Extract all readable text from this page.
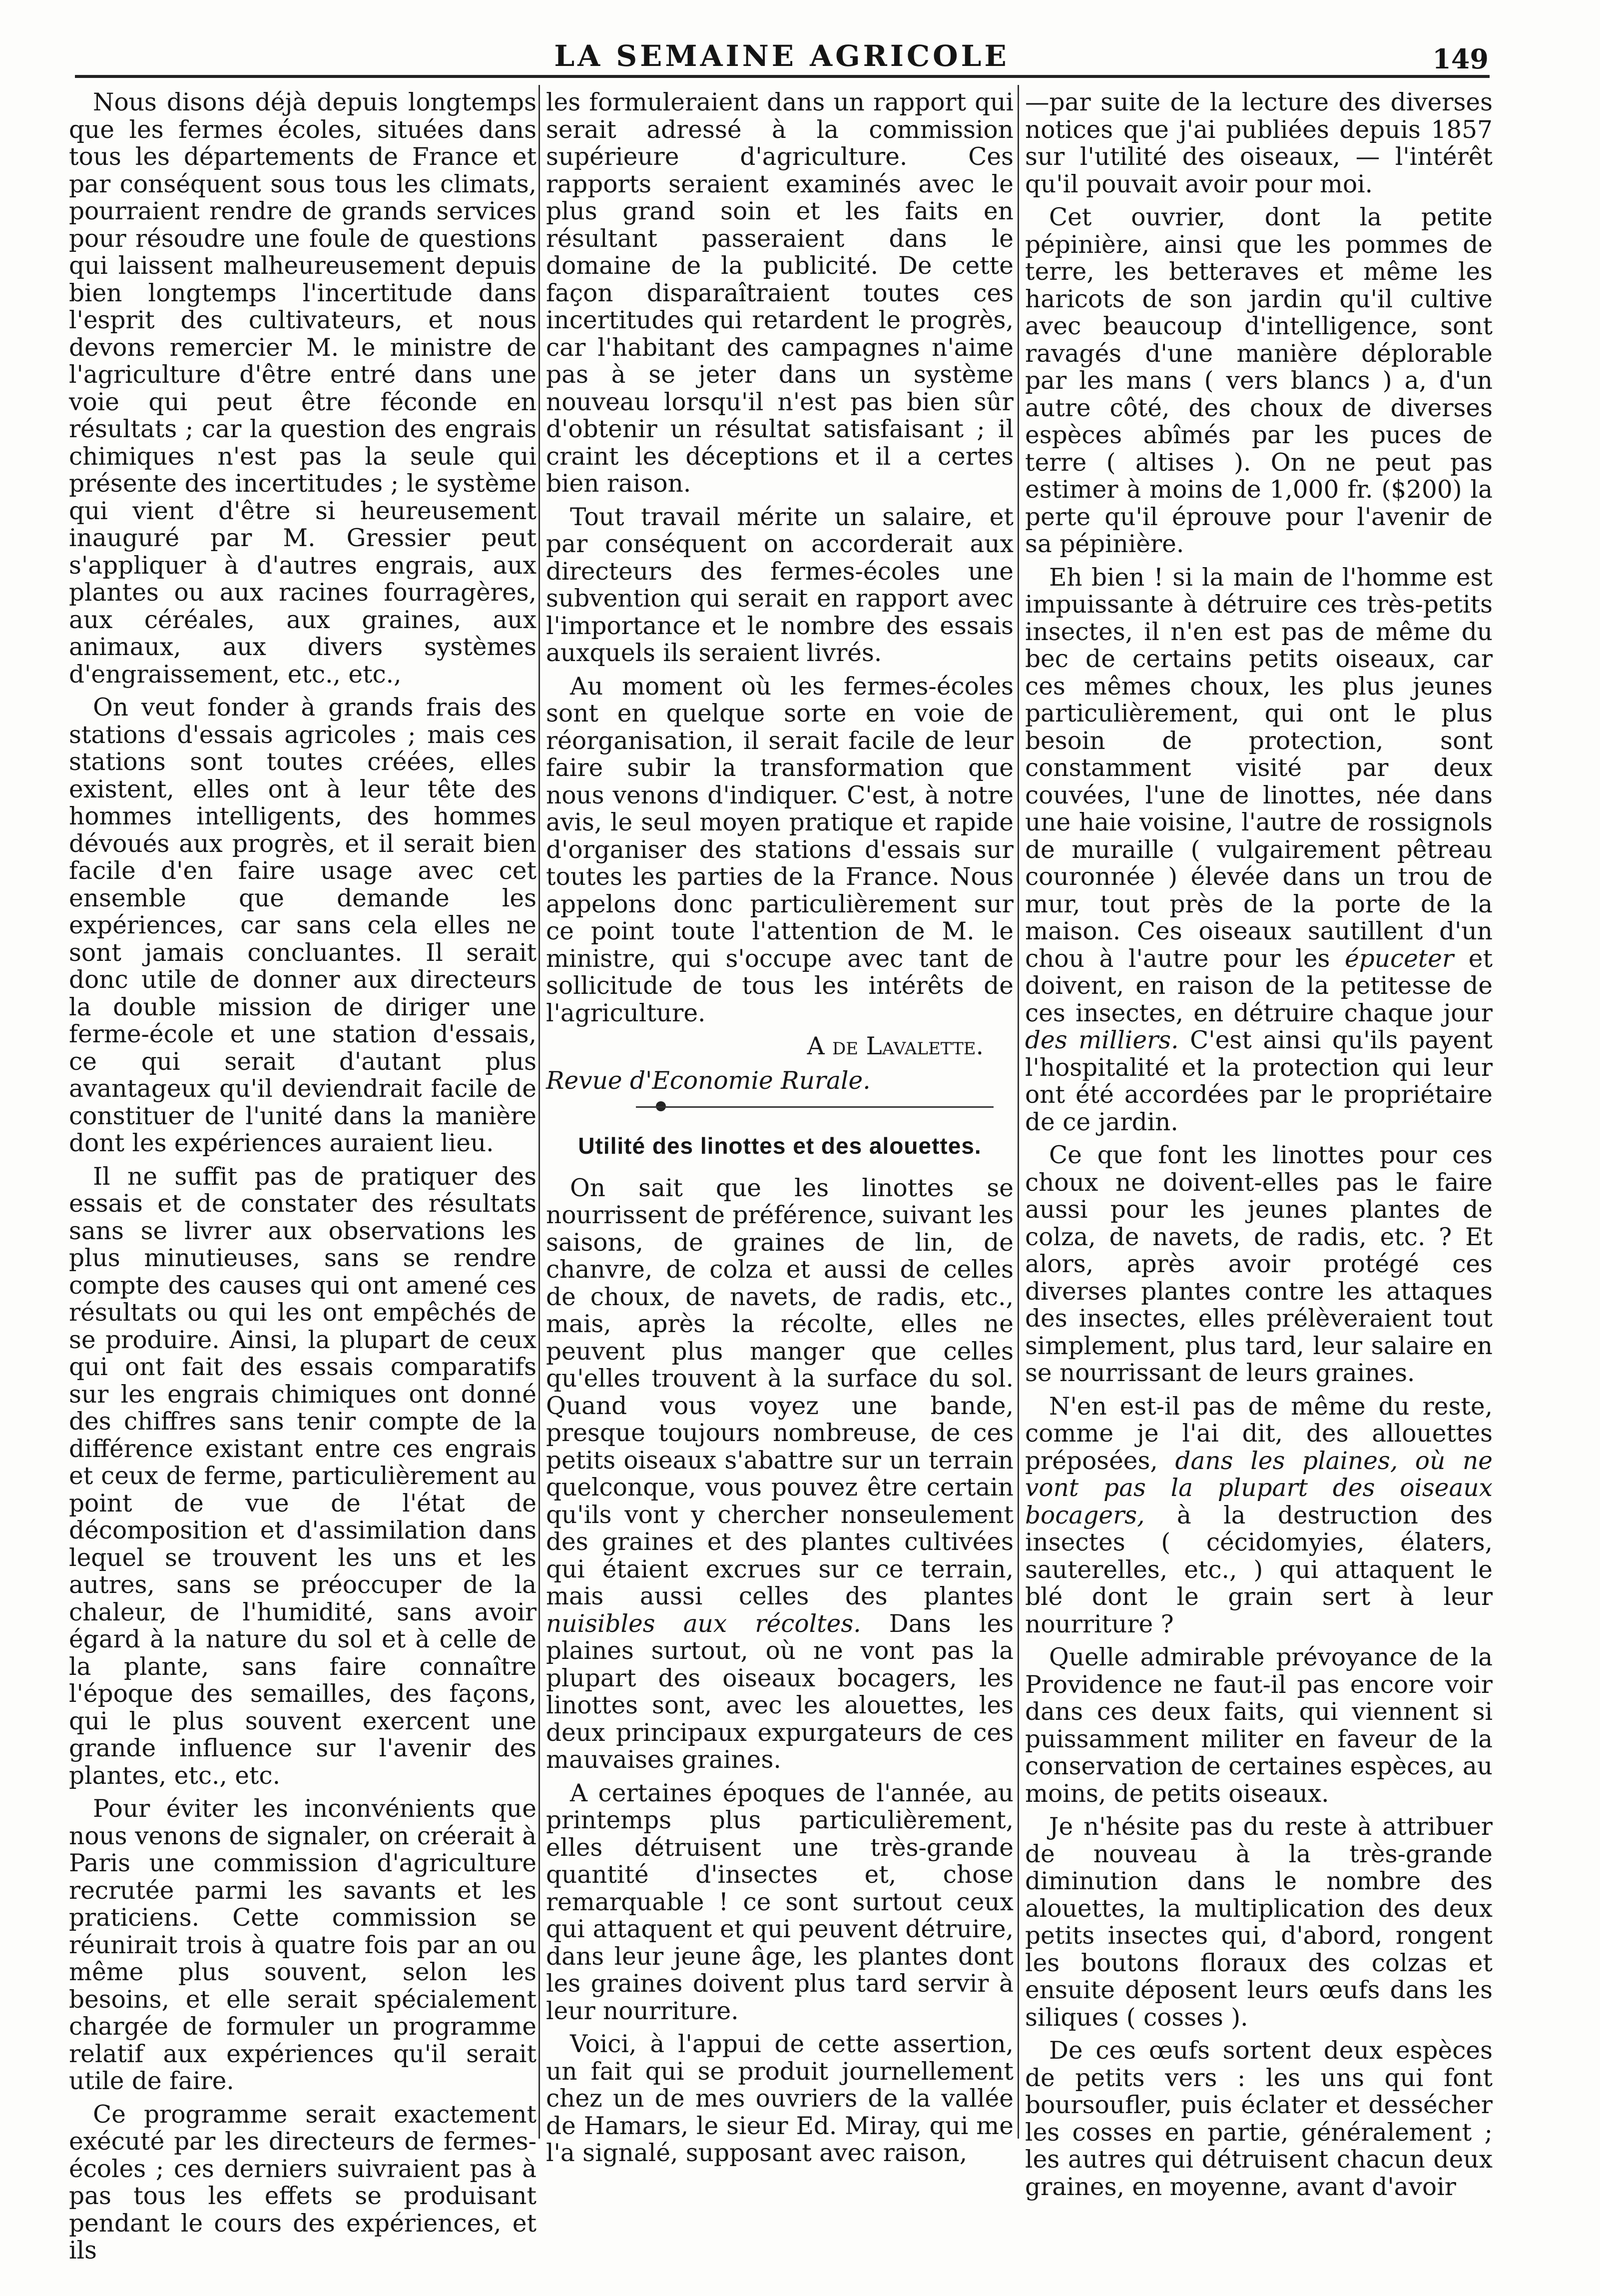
LA SEMAINE AGRICOLE	149

Nous disons déjà depuis longtemps que les fermes écoles, situées dans tous les départements de France et par conséquent sous tous les climats, pourraient rendre de grands services pour résoudre une foule de questions qui laissent malheureusement depuis bien longtemps l'incertitude dans l'esprit des cultivateurs, et nous devons remercier M. le ministre de l'agriculture d'être entré dans une voie qui peut être féconde en résultats ; car la question des engrais chimiques n'est pas la seule qui présente des incertitudes ; le système qui vient d'être si heureusement inauguré par M. Gressier peut s'appliquer à d'autres engrais, aux plantes ou aux racines fourragères, aux céréales, aux graines, aux animaux, aux divers systèmes d'engraissement, etc., etc.,

On veut fonder à grands frais des stations d'essais agricoles ; mais ces stations sont toutes créées, elles existent, elles ont à leur tête des hommes intelligents, des hommes dévoués aux progrès, et il serait bien facile d'en faire usage avec cet ensemble que demande les expériences, car sans cela elles ne sont jamais concluantes. Il serait donc utile de donner aux directeurs la double mission de diriger une ferme-école et une station d'essais, ce qui serait d'autant plus avantageux qu'il deviendrait facile de constituer de l'unité dans la manière dont les expériences auraient lieu.

Il ne suffit pas de pratiquer des essais et de constater des résultats sans se livrer aux observations les plus minutieuses, sans se rendre compte des causes qui ont amené ces résultats ou qui les ont empêchés de se produire. Ainsi, la plupart de ceux qui ont fait des essais comparatifs sur les engrais chimiques ont donné des chiffres sans tenir compte de la différence existant entre ces engrais et ceux de ferme, particulièrement au point de vue de l'état de décomposition et d'assimilation dans lequel se trouvent les uns et les autres, sans se préoccuper de la chaleur, de l'humidité, sans avoir égard à la nature du sol et à celle de la plante, sans faire connaître l'époque des semailles, des façons, qui le plus souvent exercent une grande influence sur l'avenir des plantes, etc., etc.

Pour éviter les inconvénients que nous venons de signaler, on créerait à Paris une commission d'agriculture recrutée parmi les savants et les praticiens. Cette commission se réunirait trois à quatre fois par an ou même plus souvent, selon les besoins, et elle serait spécialement chargée de formuler un programme relatif aux expériences qu'il serait utile de faire.

Ce programme serait exactement exécuté par les directeurs de fermes-écoles ; ces derniers suivraient pas à pas tous les effets se produisant pendant le cours des expériences, et ils

les formuleraient dans un rapport qui serait adressé à la commission supérieure d'agriculture. Ces rapports seraient examinés avec le plus grand soin et les faits en résultant passeraient dans le domaine de la publicité. De cette façon disparaîtraient toutes ces incertitudes qui retardent le progrès, car l'habitant des campagnes n'aime pas à se jeter dans un système nouveau lorsqu'il n'est pas bien sûr d'obtenir un résultat satisfaisant ; il craint les déceptions et il a certes bien raison.

Tout travail mérite un salaire, et par conséquent on accorderait aux directeurs des fermes-écoles une subvention qui serait en rapport avec l'importance et le nombre des essais auxquels ils seraient livrés.

Au moment où les fermes-écoles sont en quelque sorte en voie de réorganisation, il serait facile de leur faire subir la transformation que nous venons d'indiquer. C'est, à notre avis, le seul moyen pratique et rapide d'organiser des stations d'essais sur toutes les parties de la France. Nous appelons donc particulièrement sur ce point toute l'attention de M. le ministre, qui s'occupe avec tant de sollicitude de tous les intérêts de l'agriculture.

A de Lavalette.
Revue d'Economie Rurale.
Utilité des linottes et des alouettes.

On sait que les linottes se nourrissent de préférence, suivant les saisons, de graines de lin, de chanvre, de colza et aussi de celles de choux, de navets, de radis, etc., mais, après la récolte, elles ne peuvent plus manger que celles qu'elles trouvent à la surface du sol. Quand vous voyez une bande, presque toujours nombreuse, de ces petits oiseaux s'abattre sur un terrain quelconque, vous pouvez être certain qu'ils vont y chercher nonseulement des graines et des plantes cultivées qui étaient excrues sur ce terrain, mais aussi celles des plantes nuisibles aux récoltes. Dans les plaines surtout, où ne vont pas la plupart des oiseaux bocagers, les linottes sont, avec les alouettes, les deux principaux expurgateurs de ces mauvaises graines.

A certaines époques de l'année, au printemps plus particulièrement, elles détruisent une très-grande quantité d'insectes et, chose remarquable ! ce sont surtout ceux qui attaquent et qui peuvent détruire, dans leur jeune âge, les plantes dont les graines doivent plus tard servir à leur nourriture.

Voici, à l'appui de cette assertion, un fait qui se produit journellement chez un de mes ouvriers de la vallée de Hamars, le sieur Ed. Miray, qui me l'a signalé, supposant avec raison,

—par suite de la lecture des diverses notices que j'ai publiées depuis 1857 sur l'utilité des oiseaux, — l'intérêt qu'il pouvait avoir pour moi.

Cet ouvrier, dont la petite pépinière, ainsi que les pommes de terre, les betteraves et même les haricots de son jardin qu'il cultive avec beaucoup d'intelligence, sont ravagés d'une manière déplorable par les mans ( vers blancs ) a, d'un autre côté, des choux de diverses espèces abîmés par les puces de terre ( altises ). On ne peut pas estimer à moins de 1,000 fr. ($200) la perte qu'il éprouve pour l'avenir de sa pépinière.

Eh bien ! si la main de l'homme est impuissante à détruire ces très-petits insectes, il n'en est pas de même du bec de certains petits oiseaux, car ces mêmes choux, les plus jeunes particulièrement, qui ont le plus besoin de protection, sont constamment visité par deux couvées, l'une de linottes, née dans une haie voisine, l'autre de rossignols de muraille ( vulgairement pêtreau couronnée ) élevée dans un trou de mur, tout près de la porte de la maison. Ces oiseaux sautillent d'un chou à l'autre pour les épuceter et doivent, en raison de la petitesse de ces insectes, en détruire chaque jour des milliers. C'est ainsi qu'ils payent l'hospitalité et la protection qui leur ont été accordées par le propriétaire de ce jardin.

Ce que font les linottes pour ces choux ne doivent-elles pas le faire aussi pour les jeunes plantes de colza, de navets, de radis, etc. ? Et alors, après avoir protégé ces diverses plantes contre les attaques des insectes, elles prélèveraient tout simplement, plus tard, leur salaire en se nourrissant de leurs graines.

N'en est-il pas de même du reste, comme je l'ai dit, des allouettes préposées, dans les plaines, où ne vont pas la plupart des oiseaux bocagers, à la destruction des insectes ( cécidomyies, élaters, sauterelles, etc., ) qui attaquent le blé dont le grain sert à leur nourriture ?

Quelle admirable prévoyance de la Providence ne faut-il pas encore voir dans ces deux faits, qui viennent si puissamment militer en faveur de la conservation de certaines espèces, au moins, de petits oiseaux.

Je n'hésite pas du reste à attribuer de nouveau à la très-grande diminution dans le nombre des alouettes, la multiplication des deux petits insectes qui, d'abord, rongent les boutons floraux des colzas et ensuite déposent leurs œufs dans les siliques ( cosses ).

De ces œufs sortent deux espèces de petits vers : les uns qui font boursoufler, puis éclater et dessécher les cosses en partie, généralement ; les autres qui détruisent chacun deux graines, en moyenne, avant d'avoir
